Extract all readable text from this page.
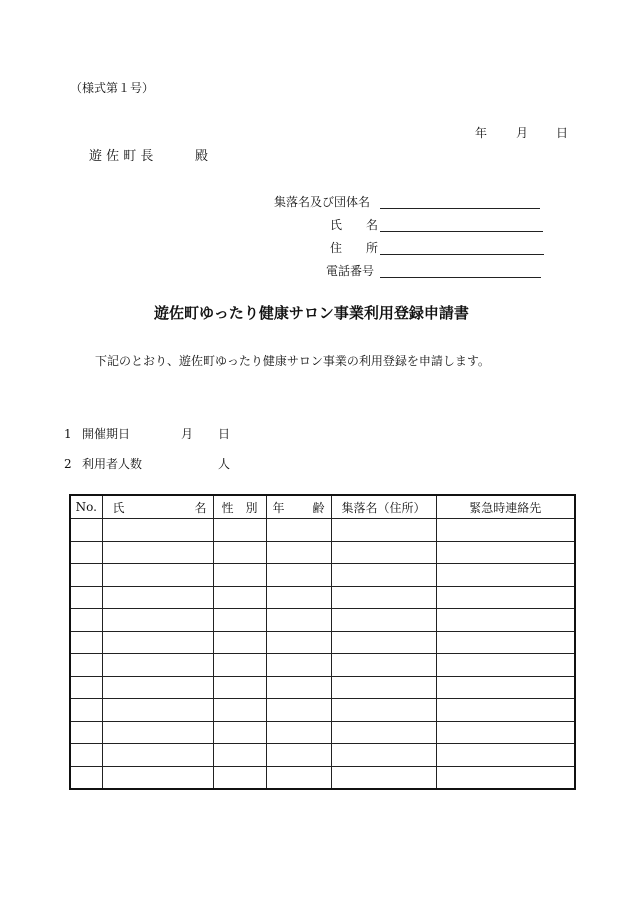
（様式第１号）
年 月 日
遊 佐 町 長	殿
集落名及び団体名
氏 名
住 所
電話番号
遊佐町ゆったり健康サロン事業利用登録申請書
下記のとおり、遊佐町ゆったり健康サロン事業の利用登録を申請します。
1 開催期日	月 日
2 利用者人数	人
No.	氏 名	性 別	年 齢	集落名（住所）	緊急時連絡先
